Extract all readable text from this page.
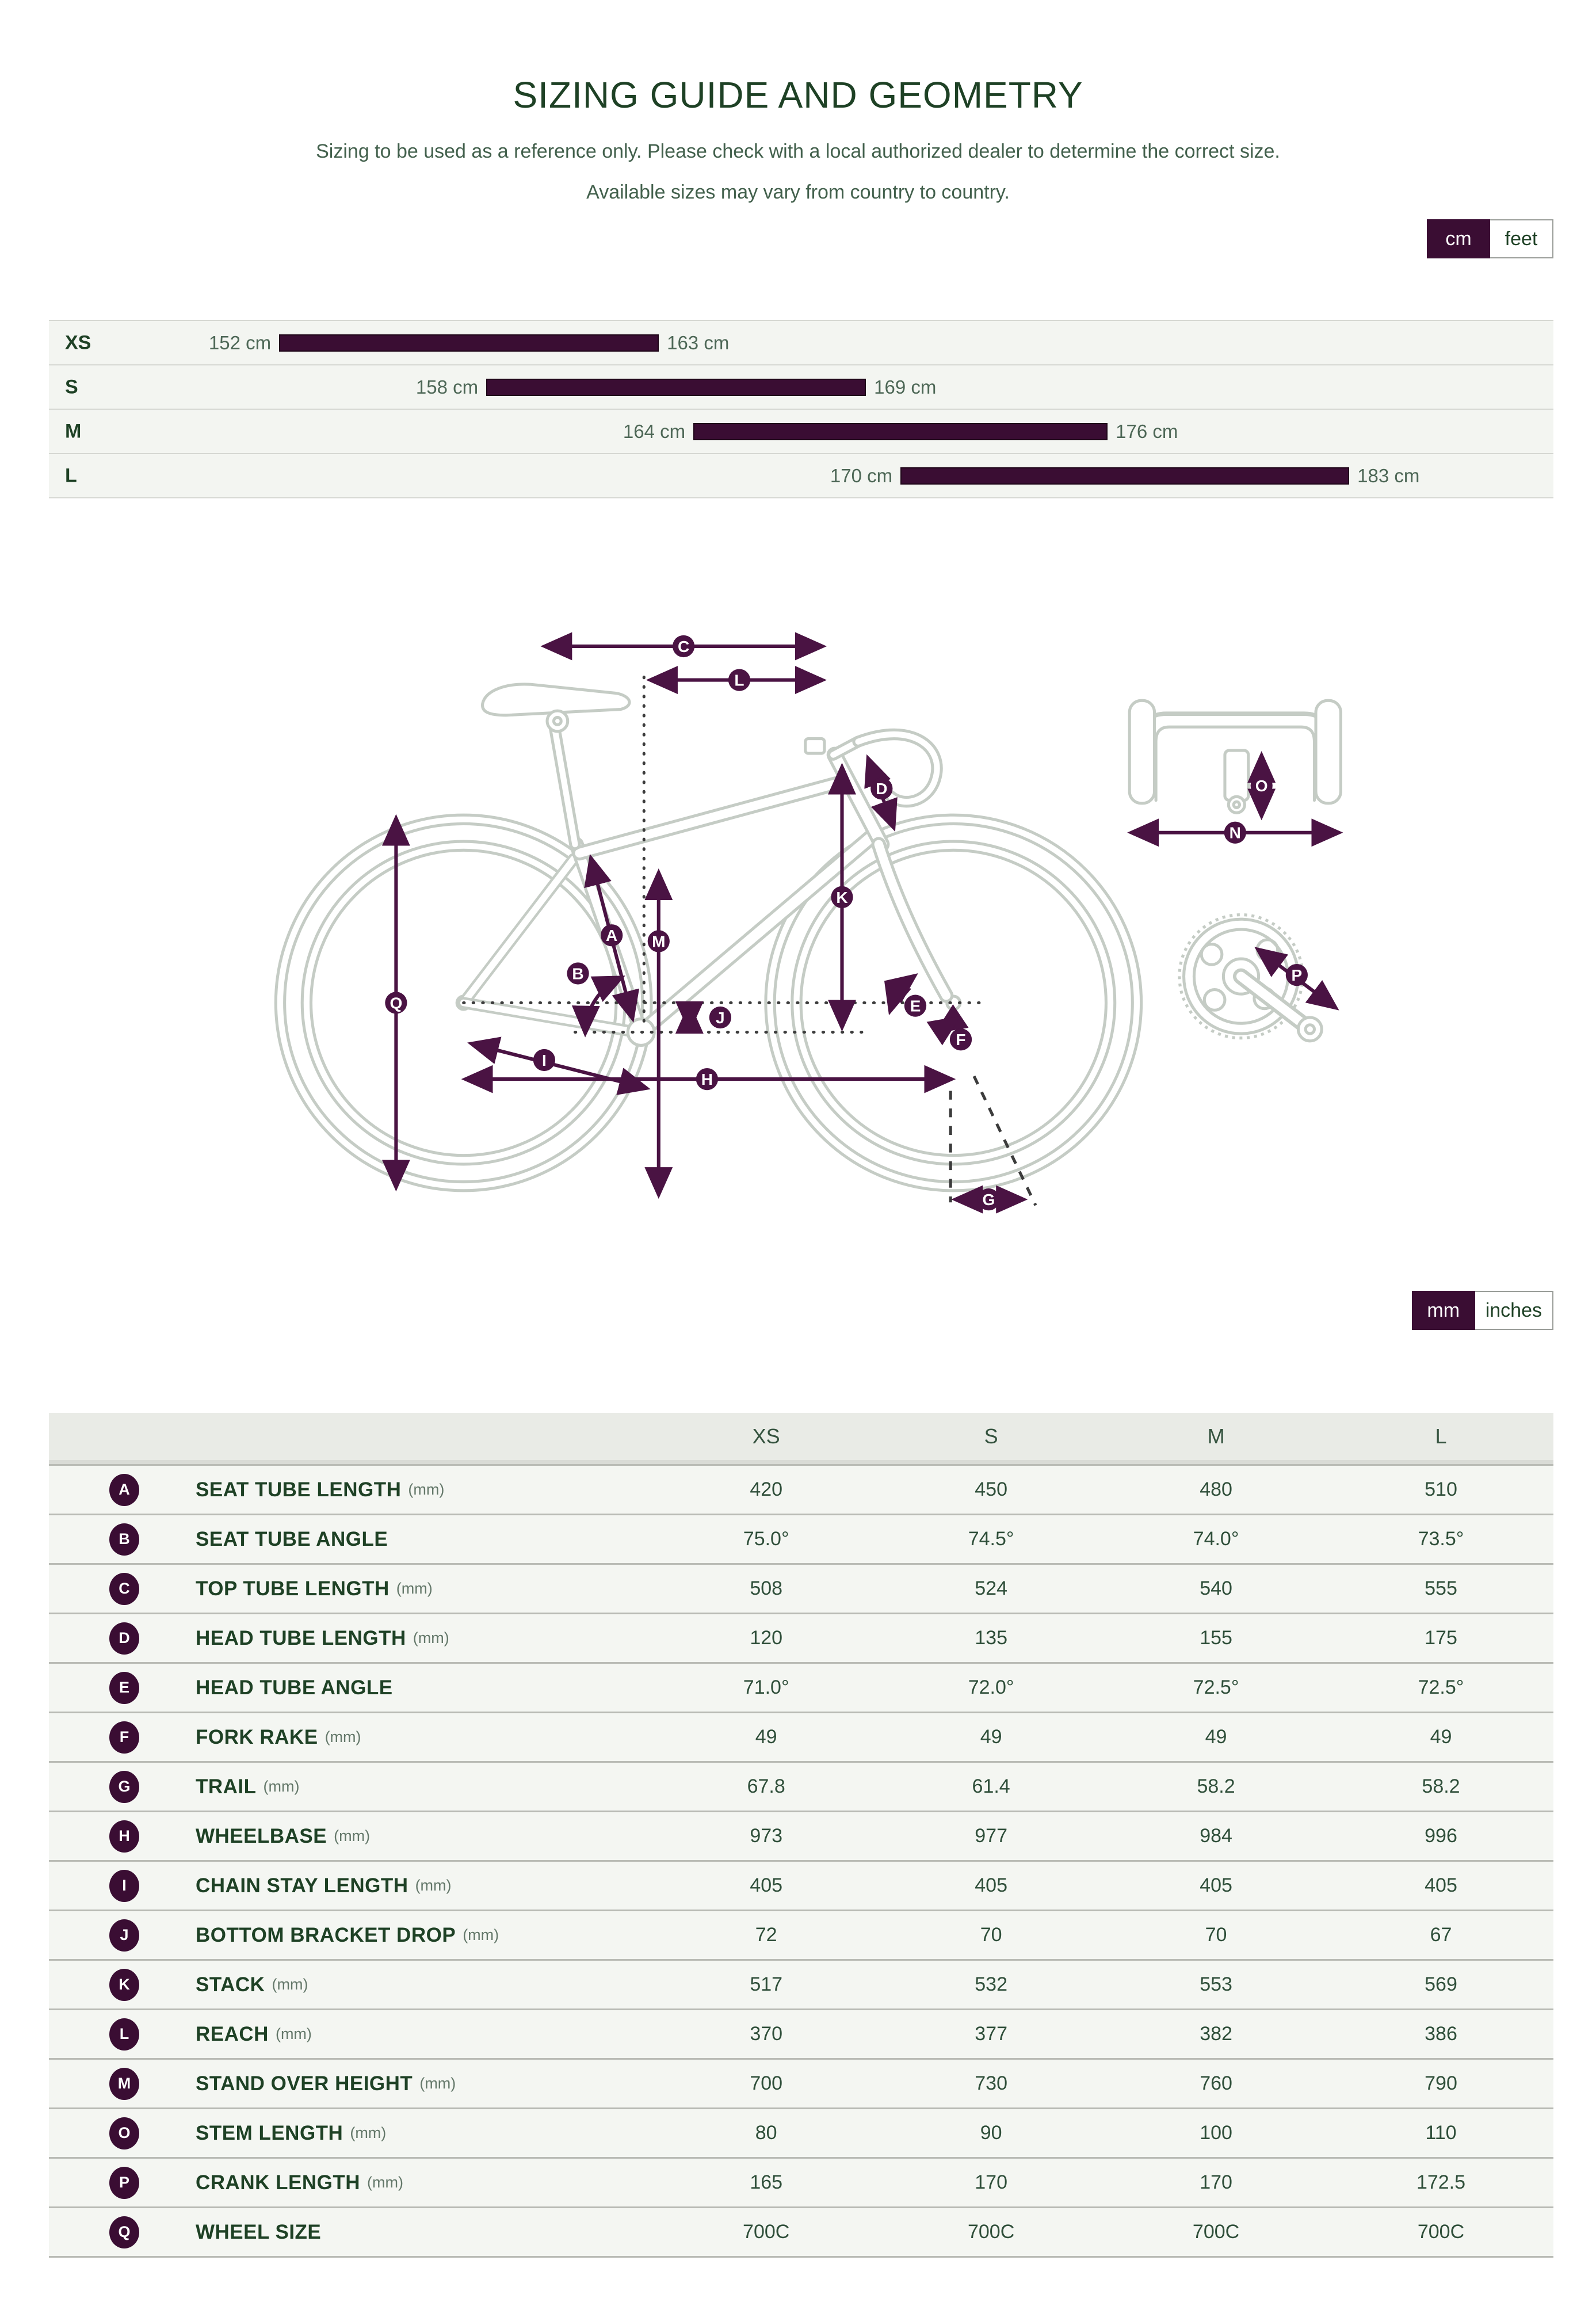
SIZING GUIDE AND GEOMETRY
Sizing to be used as a reference only. Please check with a local authorized dealer to determine the correct size.
Available sizes may vary from country to country.
cm	feet
XS	152 cm	163 cm
S	158 cm	169 cm
M	164 cm	176 cm
L	170 cm	183 cm
C
L
D
A
B
M
K
Q	E
F
J
I
H
G
O
N
P
mm	inches
XS	S	M	L
A	SEAT TUBE LENGTH (mm)	420	450	480	510
B	SEAT TUBE ANGLE	75.0°	74.5°	74.0°	73.5°
C	TOP TUBE LENGTH (mm)	508	524	540	555
D	HEAD TUBE LENGTH (mm)	120	135	155	175
E	HEAD TUBE ANGLE	71.0°	72.0°	72.5°	72.5°
F	FORK RAKE (mm)	49	49	49	49
G	TRAIL (mm)	67.8	61.4	58.2	58.2
H	WHEELBASE (mm)	973	977	984	996
I	CHAIN STAY LENGTH (mm)	405	405	405	405
J	BOTTOM BRACKET DROP (mm)	72	70	70	67
K	STACK (mm)	517	532	553	569
L	REACH (mm)	370	377	382	386
M	STAND OVER HEIGHT (mm)	700	730	760	790
O	STEM LENGTH (mm)	80	90	100	110
P	CRANK LENGTH (mm)	165	170	170	172.5
Q	WHEEL SIZE	700C	700C	700C	700C
